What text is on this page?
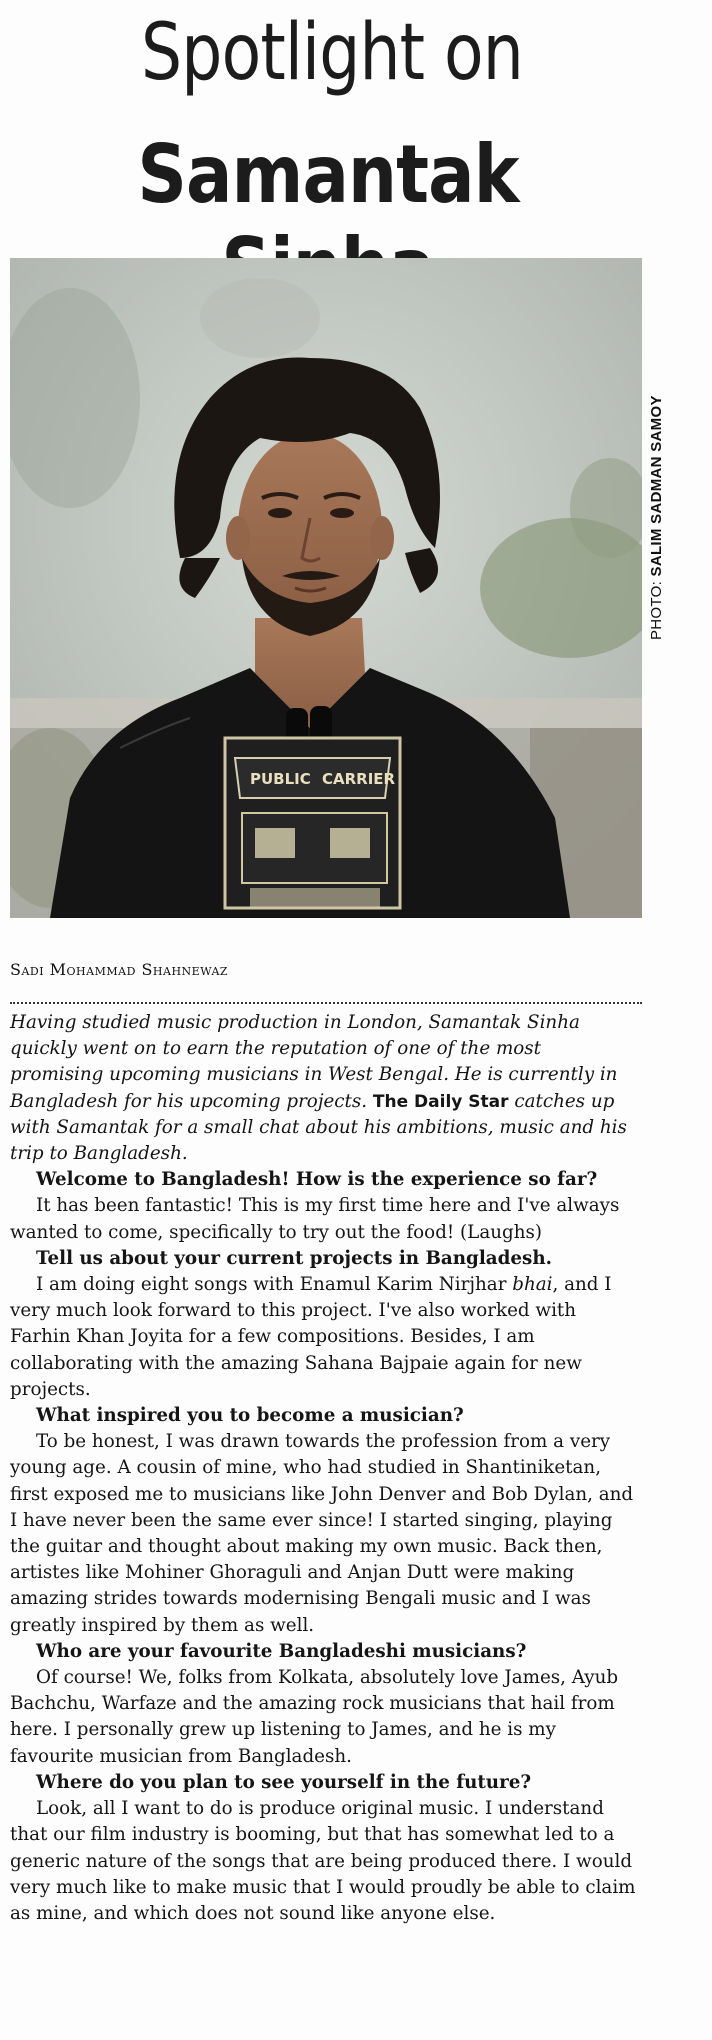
Spotlight on
Samantak
PUBLIC CARRIER
PHOTO: SALIM SADMAN SAMOY
Sadi Mohammad Shahnewaz

Having studied music production in London, Samantak Sinha quickly went on to earn the reputation of one of the most promising upcoming musicians in West Bengal. He is currently in Bangladesh for his upcoming projects. The Daily Star catches up with Samantak for a small chat about his ambitions, music and his trip to Bangladesh.

Welcome to Bangladesh! How is the experience so far?

It has been fantastic! This is my first time here and I've always wanted to come, specifically to try out the food! (Laughs)

Tell us about your current projects in Bangladesh.

I am doing eight songs with Enamul Karim Nirjhar bhai, and I very much look forward to this project. I've also worked with Farhin Khan Joyita for a few compositions. Besides, I am collaborating with the amazing Sahana Bajpaie again for new projects.

What inspired you to become a musician?

To be honest, I was drawn towards the profession from a very young age. A cousin of mine, who had studied in Shantiniketan, first exposed me to musicians like John Denver and Bob Dylan, and I have never been the same ever since! I started singing, playing the guitar and thought about making my own music. Back then, artistes like Mohiner Ghoraguli and Anjan Dutt were making amazing strides towards modernising Bengali music and I was greatly inspired by them as well.

Who are your favourite Bangladeshi musicians?

Of course! We, folks from Kolkata, absolutely love James, Ayub Bachchu, Warfaze and the amazing rock musicians that hail from here. I personally grew up listening to James, and he is my favourite musician from Bangladesh.

Where do you plan to see yourself in the future?

Look, all I want to do is produce original music. I understand that our film industry is booming, but that has somewhat led to a generic nature of the songs that are being produced there. I would very much like to make music that I would proudly be able to claim as mine, and which does not sound like anyone else.
